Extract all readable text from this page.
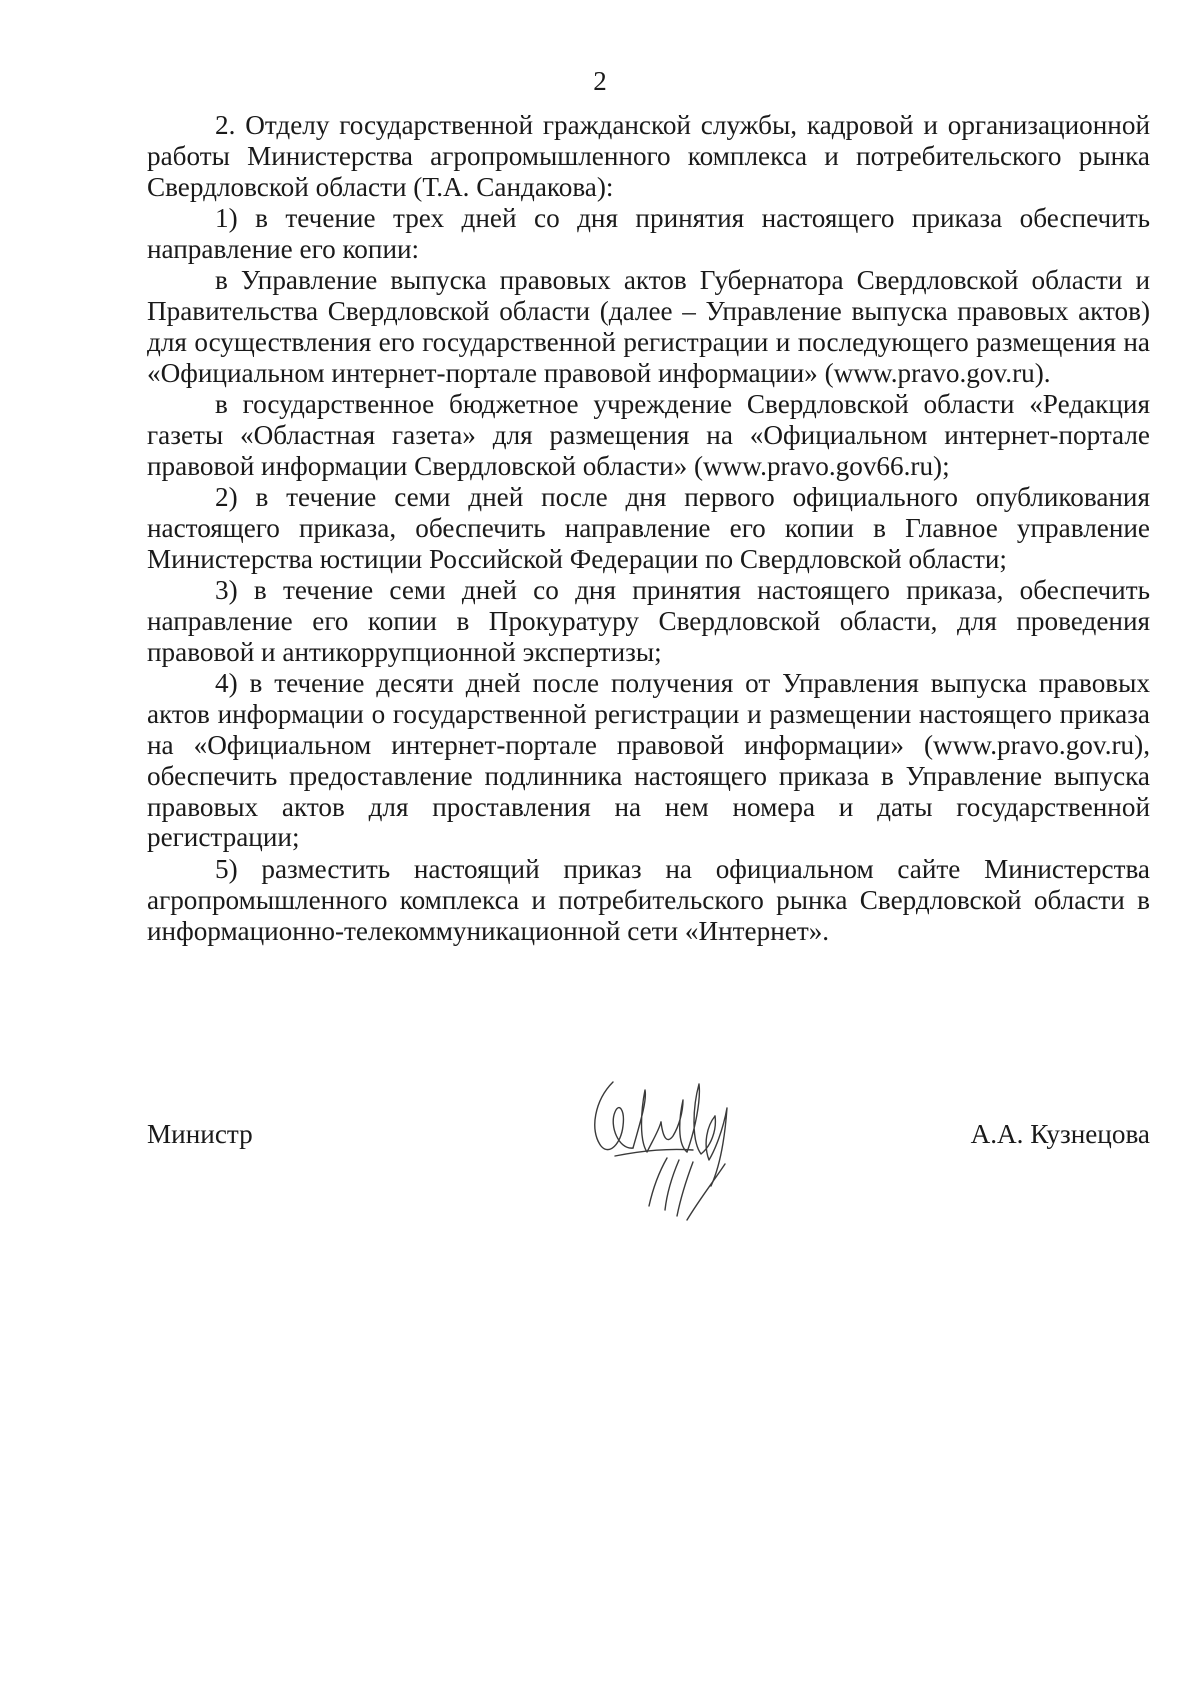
2

2. Отделу государственной гражданской службы, кадровой и организационной работы Министерства агропромышленного комплекса и потребительского рынка Свердловской области (Т.А. Сандакова):

1) в течение трех дней со дня принятия настоящего приказа обеспечить направление его копии:

в Управление выпуска правовых актов Губернатора Свердловской области и Правительства Свердловской области (далее – Управление выпуска правовых актов) для осуществления его государственной регистрации и последующего размещения на «Официальном интернет-портале правовой информации» (www.pravo.gov.ru).

в государственное бюджетное учреждение Свердловской области «Редакция газеты «Областная газета» для размещения на «Официальном интернет-портале правовой информации Свердловской области» (www.pravo.gov66.ru);

2) в течение семи дней после дня первого официального опубликования настоящего приказа, обеспечить направление его копии в Главное управление Министерства юстиции Российской Федерации по Свердловской области;

3) в течение семи дней со дня принятия настоящего приказа, обеспечить направление его копии в Прокуратуру Свердловской области, для проведения правовой и антикоррупционной экспертизы;

4) в течение десяти дней после получения от Управления выпуска правовых актов информации о государственной регистрации и размещении настоящего приказа на «Официальном интернет-портале правовой информации» (www.pravo.gov.ru), обеспечить предоставление подлинника настоящего приказа в Управление выпуска правовых актов для проставления на нем номера и даты государственной регистрации;

5) разместить настоящий приказ на официальном сайте Министерства агропромышленного комплекса и потребительского рынка Свердловской области в информационно-телекоммуникационной сети «Интернет».

Министр	А.А. Кузнецова
